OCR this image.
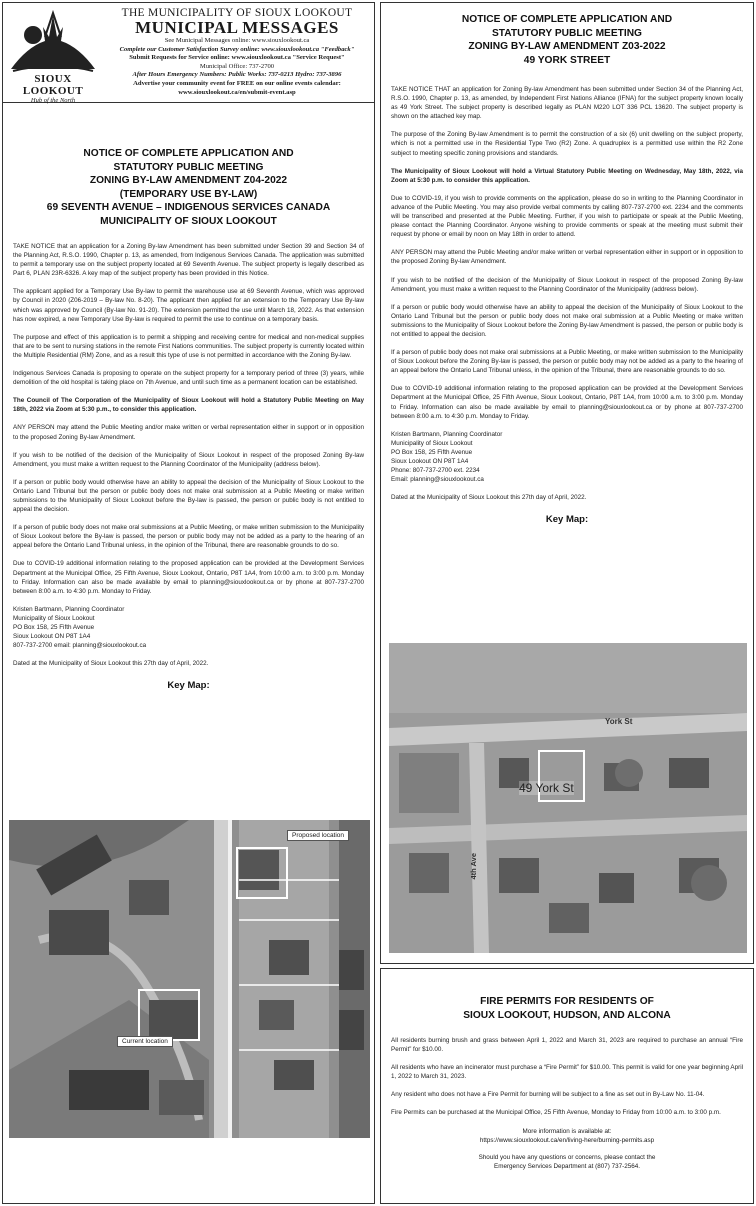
SIOUX LOOKOUT
Hub of the North
THE MUNICIPALITY OF SIOUX LOOKOUT
MUNICIPAL MESSAGES
See Municipal Messages online: www.siouxlookout.ca
Complete our Customer Satisfaction Survey online: www.siouxlookout.ca "Feedback"
Submit Requests for Service online: www.siouxlookout.ca "Service Request"
Municipal Office: 737-2700
After Hours Emergency Numbers: Public Works: 737-0213 Hydro: 737-3896
Advertise your community event for FREE on our online events calendar:
www.siouxlookout.ca/en/submit-event.asp
NOTICE OF COMPLETE APPLICATION AND
STATUTORY PUBLIC MEETING
ZONING BY-LAW AMENDMENT Z04-2022
(TEMPORARY USE BY-LAW)
69 SEVENTH AVENUE – INDIGENOUS SERVICES CANADA
MUNICIPALITY OF SIOUX LOOKOUT

TAKE NOTICE that an application for a Zoning By-law Amendment has been submitted under Section 39 and Section 34 of the Planning Act, R.S.O. 1990, Chapter p. 13, as amended, from Indigenous Services Canada. The application was submitted to permit a temporary use on the subject property located at 69 Seventh Avenue. The subject property is legally described as Part 6, PLAN 23R-6326. A key map of the subject property has been provided in this Notice.

The applicant applied for a Temporary Use By-law to permit the warehouse use at 69 Seventh Avenue, which was approved by Council in 2020 (Z06-2019 – By-law No. 8-20). The applicant then applied for an extension to the Temporary Use By-law which was approved by Council (By-law No. 91-20). The extension permitted the use until March 18, 2022. As that extension has now expired, a new Temporary Use By-law is required to permit the use to continue on a temporary basis.

The purpose and effect of this application is to permit a shipping and receiving centre for medical and non-medical supplies that are to be sent to nursing stations in the remote First Nations communities. The subject property is currently located within the Multiple Residential (RM) Zone, and as a result this type of use is not permitted in accordance with the Zoning By-law.

Indigenous Services Canada is proposing to operate on the subject property for a temporary period of three (3) years, while demolition of the old hospital is taking place on 7th Avenue, and until such time as a permanent location can be established.

The Council of The Corporation of the Municipality of Sioux Lookout will hold a Statutory Public Meeting on May 18th, 2022 via Zoom at 5:30 p.m., to consider this application.

ANY PERSON may attend the Public Meeting and/or make written or verbal representation either in support or in opposition to the proposed Zoning By-law Amendment.

If you wish to be notified of the decision of the Municipality of Sioux Lookout in respect of the proposed Zoning By-law Amendment, you must make a written request to the Planning Coordinator of the Municipality (address below).

If a person or public body would otherwise have an ability to appeal the decision of the Municipality of Sioux Lookout to the Ontario Land Tribunal but the person or public body does not make oral submission at a Public Meeting or make written submissions to the Municipality of Sioux Lookout before the By-law is passed, the person or public body is not entitled to appeal the decision.

If a person of public body does not make oral submissions at a Public Meeting, or make written submission to the Municipality of Sioux Lookout before the By-law is passed, the person or public body may not be added as a party to the hearing of an appeal before the Ontario Land Tribunal unless, in the opinion of the Tribunal, there are reasonable grounds to do so.

Due to COVID-19 additional information relating to the proposed application can be provided at the Development Services Department at the Municipal Office, 25 Fifth Avenue, Sioux Lookout, Ontario, P8T 1A4, from 10:00 a.m. to 3:00 p.m. Monday to Friday. Information can also be made available by email to planning@siouxlookout.ca or by phone at 807-737-2700 between 8:00 a.m. to 4:30 p.m. Monday to Friday.

Kristen Bartmann, Planning Coordinator
Municipality of Sioux Lookout
PO Box 158, 25 Fifth Avenue
Sioux Lookout ON P8T 1A4
807-737-2700 email: planning@siouxlookout.ca
Dated at the Municipality of Sioux Lookout this 27th day of April, 2022.
Key Map:
Proposed location
Current location
NOTICE OF COMPLETE APPLICATION AND
STATUTORY PUBLIC MEETING
ZONING BY-LAW AMENDMENT Z03-2022
49 YORK STREET

TAKE NOTICE THAT an application for Zoning By-law Amendment has been submitted under Section 34 of the Planning Act, R.S.O. 1990, Chapter p. 13, as amended, by Independent First Nations Alliance (IFNA) for the subject property known locally as 49 York Street. The subject property is described legally as PLAN M220 LOT 336 PCL 13620. The subject property is shown on the attached key map.

The purpose of the Zoning By-law Amendment is to permit the construction of a six (6) unit dwelling on the subject property, which is not a permitted use in the Residential Type Two (R2) Zone. A quadruplex is a permitted use within the R2 Zone subject to meeting specific zoning provisions and standards.

The Municipality of Sioux Lookout will hold a Virtual Statutory Public Meeting on Wednesday, May 18th, 2022, via Zoom at 5:30 p.m. to consider this application.

Due to COVID-19, if you wish to provide comments on the application, please do so in writing to the Planning Coordinator in advance of the Public Meeting. You may also provide verbal comments by calling 807-737-2700 ext. 2234 and the comments will be transcribed and presented at the Public Meeting. Further, if you wish to participate or speak at the Public Meeting, please contact the Planning Coordinator. Anyone wishing to provide comments or speak at the meeting must submit their request by phone or email by noon on May 18th in order to attend.

ANY PERSON may attend the Public Meeting and/or make written or verbal representation either in support or in opposition to the proposed Zoning By-law Amendment.

If you wish to be notified of the decision of the Municipality of Sioux Lookout in respect of the proposed Zoning By-law Amendment, you must make a written request to the Planning Coordinator of the Municipality (address below).

If a person or public body would otherwise have an ability to appeal the decision of the Municipality of Sioux Lookout to the Ontario Land Tribunal but the person or public body does not make oral submission at a Public Meeting or make written submissions to the Municipality of Sioux Lookout before the Zoning By-law Amendment is passed, the person or public body is not entitled to appeal the decision.

If a person of public body does not make oral submissions at a Public Meeting, or make written submission to the Municipality of Sioux Lookout before the Zoning By-law is passed, the person or public body may not be added as a party to the hearing of an appeal before the Ontario Land Tribunal unless, in the opinion of the Tribunal, there are reasonable grounds to do so.

Due to COVID-19 additional information relating to the proposed application can be provided at the Development Services Department at the Municipal Office, 25 Fifth Avenue, Sioux Lookout, Ontario, P8T 1A4, from 10:00 a.m. to 3:00 p.m. Monday to Friday. Information can also be made available by email to planning@siouxlookout.ca or by phone at 807-737-2700 between 8:00 a.m. to 4:30 p.m. Monday to Friday.

Kristen Bartmann, Planning Coordinator
Municipality of Sioux Lookout
PO Box 158, 25 Fifth Avenue
Sioux Lookout ON P8T 1A4
Phone: 807-737-2700 ext. 2234
Email: planning@siouxlookout.ca
Dated at the Municipality of Sioux Lookout this 27th day of April, 2022.
Key Map:
York St
49 York St
4th Ave
FIRE PERMITS FOR RESIDENTS OF
SIOUX LOOKOUT, HUDSON, AND ALCONA

All residents burning brush and grass between April 1, 2022 and March 31, 2023 are required to purchase an annual “Fire Permit” for $10.00.

All residents who have an incinerator must purchase a “Fire Permit” for $10.00. This permit is valid for one year beginning April 1, 2022 to March 31, 2023.

Any resident who does not have a Fire Permit for burning will be subject to a fine as set out in By-Law No. 11-04.

Fire Permits can be purchased at the Municipal Office, 25 Fifth Avenue, Monday to Friday from 10:00 a.m. to 3:00 p.m.

More information is available at:
https://www.siouxlookout.ca/en/living-here/burning-permits.asp
Should you have any questions or concerns, please contact the
Emergency Services Department at (807) 737-2564.
